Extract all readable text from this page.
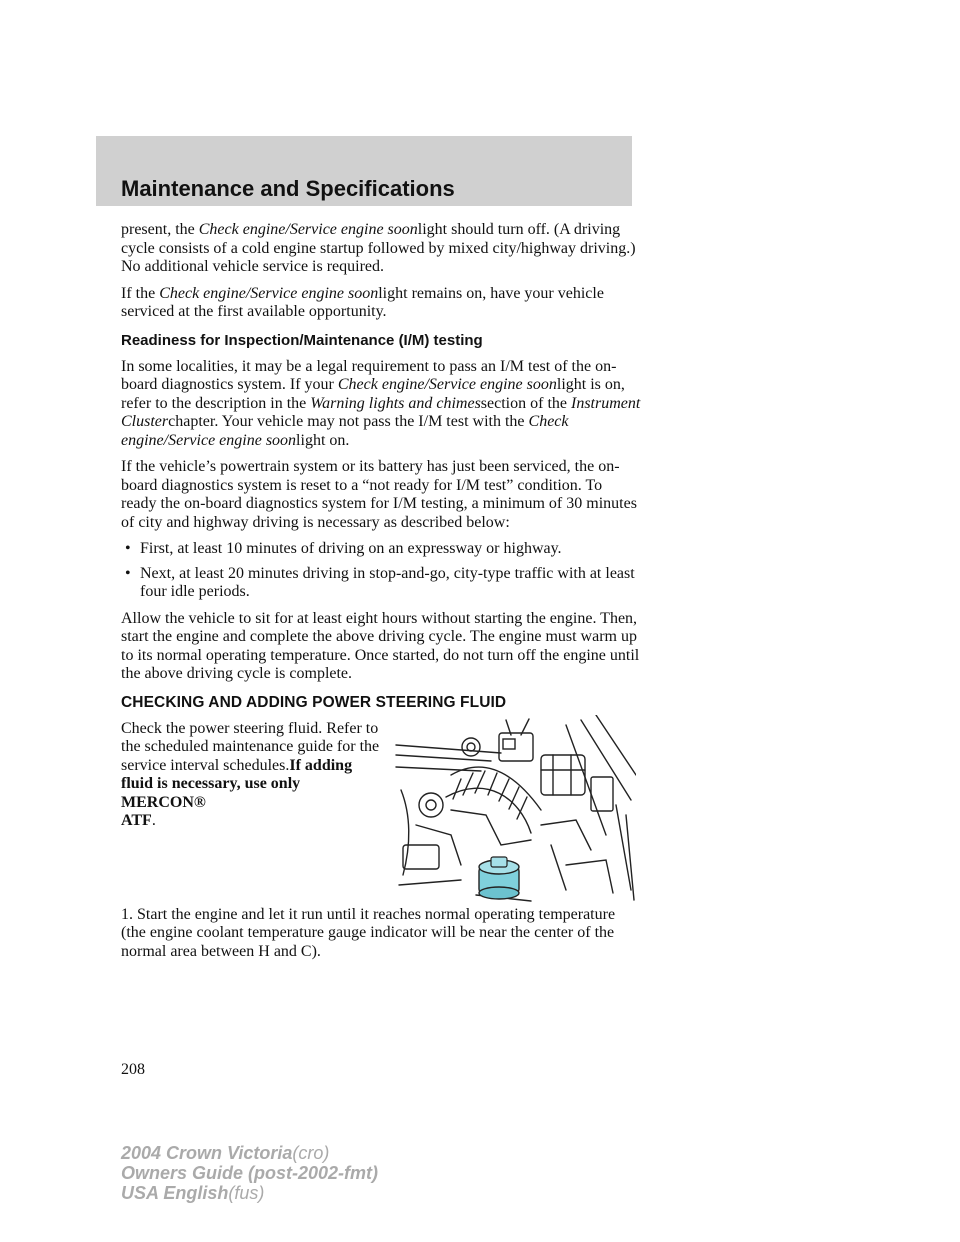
Maintenance and Specifications

present, the Check engine/Service engine soonlight should turn off. (A driving cycle consists of a cold engine startup followed by mixed city/highway driving.) No additional vehicle service is required.

If the Check engine/Service engine soonlight remains on, have your vehicle serviced at the first available opportunity.

Readiness for Inspection/Maintenance (I/M) testing

In some localities, it may be a legal requirement to pass an I/M test of the on-board diagnostics system. If your Check engine/Service engine soonlight is on, refer to the description in the Warning lights and chimessection of the Instrument Clusterchapter. Your vehicle may not pass the I/M test with the Check engine/Service engine soonlight on.

If the vehicle’s powertrain system or its battery has just been serviced, the on-board diagnostics system is reset to a “not ready for I/M test” condition. To ready the on-board diagnostics system for I/M testing, a minimum of 30 minutes of city and highway driving is necessary as described below:

• First, at least 10 minutes of driving on an expressway or highway.
• Next, at least 20 minutes driving in stop-and-go, city-type traffic with at least four idle periods.

Allow the vehicle to sit for at least eight hours without starting the engine. Then, start the engine and complete the above driving cycle. The engine must warm up to its normal operating temperature. Once started, do not turn off the engine until the above driving cycle is complete.

CHECKING AND ADDING POWER STEERING FLUID
Check the power steering fluid. Refer to the scheduled maintenance guide for the service interval schedules.If adding fluid is necessary, use only MERCON®
ATF.

1. Start the engine and let it run until it reaches normal operating temperature (the engine coolant temperature gauge indicator will be near the center of the normal area between H and C).

208
2004 Crown Victoria(cro)
Owners Guide (post-2002-fmt)
USA English(fus)
